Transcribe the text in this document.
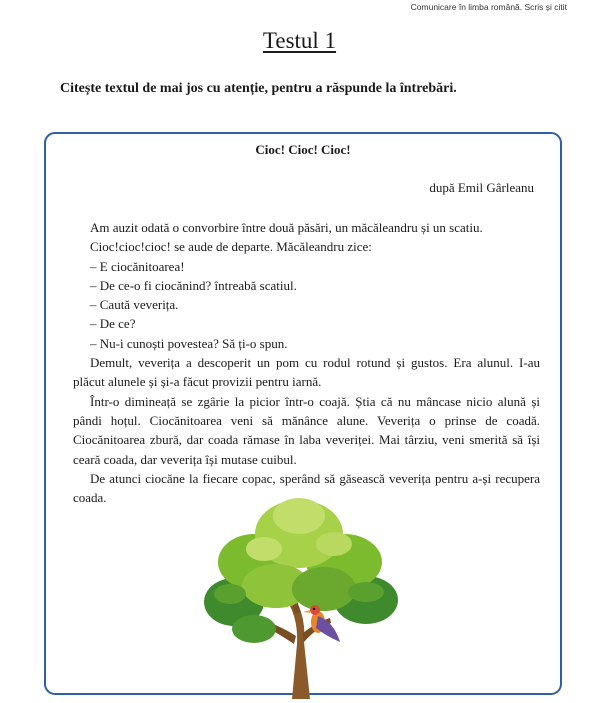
Comunicare în limba română. Scris și citit
Testul 1
Citește textul de mai jos cu atenție, pentru a răspunde la întrebări.
Cioc! Cioc! Cioc!
după Emil Gârleanu

Am auzit odată o convorbire între două păsări, un măcăleandru și un scatiu.

Cioc!cioc!cioc! se aude de departe. Măcăleandru zice:

– E ciocănitoarea!

– De ce-o fi ciocănind? întreabă scatiul.

– Caută veverița.

– De ce?

– Nu-i cunoști povestea? Să ți-o spun.

Demult, veverița a descoperit un pom cu rodul rotund și gustos. Era alunul. I-au plăcut alunele și și-a făcut provizii pentru iarnă.

Într-o dimineață se zgârie la picior într-o coajă. Știa că nu mâncase nicio alună și pândi hoțul. Ciocănitoarea veni să mănânce alune. Veverița o prinse de coadă. Ciocănitoarea zburǎ, dar coada rămase în laba veveriței. Mai târziu, veni smerită să își ceară coada, dar veverița își mutase cuibul.

De atunci ciocăne la fiecare copac, sperând să găsească veverița pentru a-și recupera coada.
